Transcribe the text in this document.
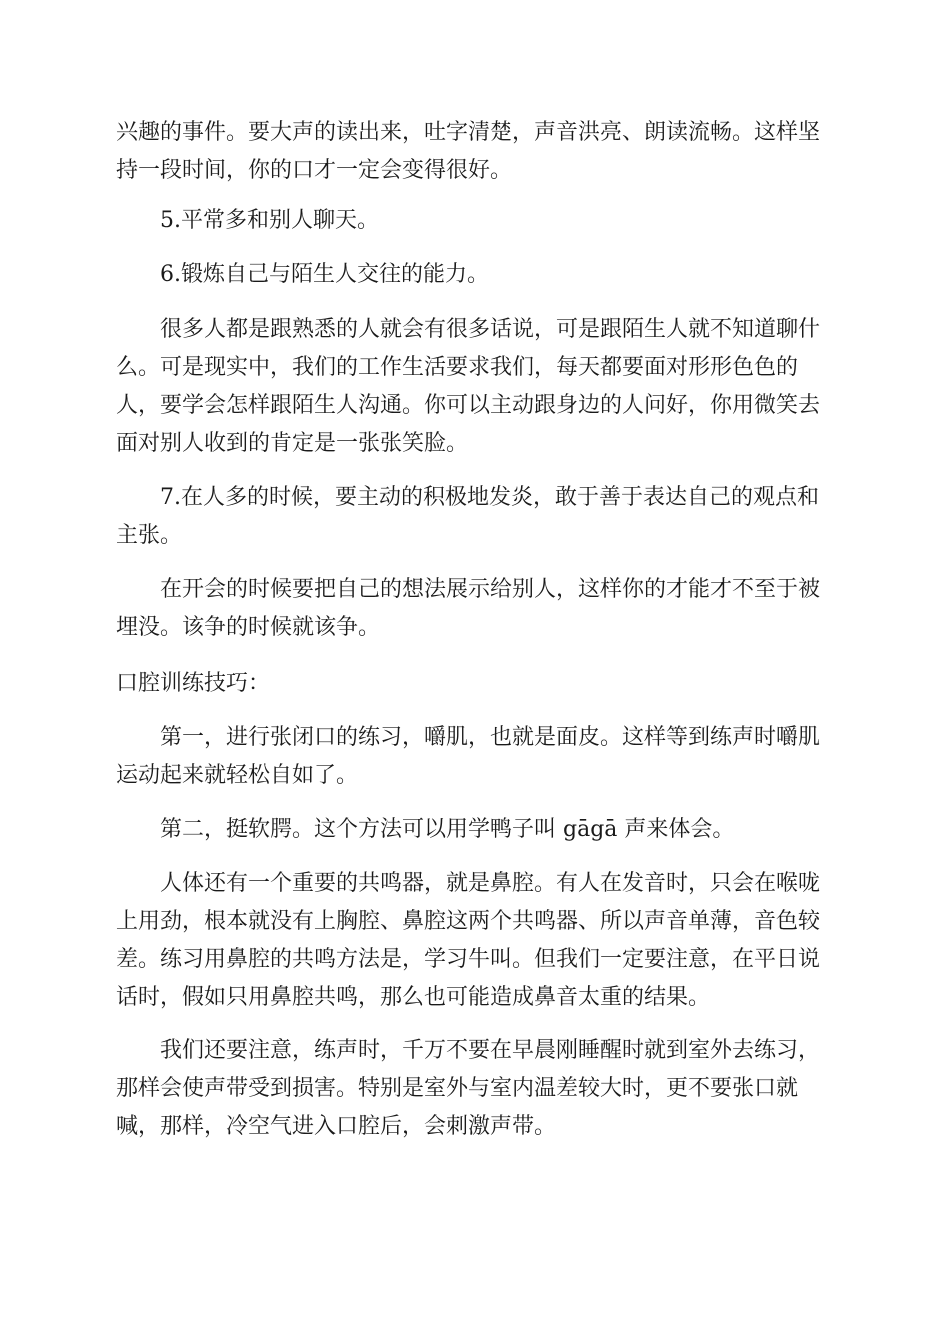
兴趣的事件。要大声的读出来，吐字清楚，声音洪亮、朗读流畅。这样坚
持一段时间，你的口才一定会变得很好。
5.平常多和别人聊天。
6.锻炼自己与陌生人交往的能力。
很多人都是跟熟悉的人就会有很多话说，可是跟陌生人就不知道聊什
么。可是现实中，我们的工作生活要求我们，每天都要面对形形色色的
人，要学会怎样跟陌生人沟通。你可以主动跟身边的人问好，你用微笑去
面对别人收到的肯定是一张张笑脸。
7.在人多的时候，要主动的积极地发炎，敢于善于表达自己的观点和
主张。
在开会的时候要把自己的想法展示给别人，这样你的才能才不至于被
埋没。该争的时候就该争。
口腔训练技巧：
第一，进行张闭口的练习，嚼肌，也就是面皮。这样等到练声时嚼肌
运动起来就轻松自如了。
第二，挺软腭。这个方法可以用学鸭子叫 gāgā 声来体会。
人体还有一个重要的共鸣器，就是鼻腔。有人在发音时，只会在喉咙
上用劲，根本就没有上胸腔、鼻腔这两个共鸣器、所以声音单薄，音色较
差。练习用鼻腔的共鸣方法是，学习牛叫。但我们一定要注意，在平日说
话时，假如只用鼻腔共鸣，那么也可能造成鼻音太重的结果。
我们还要注意，练声时，千万不要在早晨刚睡醒时就到室外去练习，
那样会使声带受到损害。特别是室外与室内温差较大时，更不要张口就
喊，那样，冷空气进入口腔后，会刺激声带。
